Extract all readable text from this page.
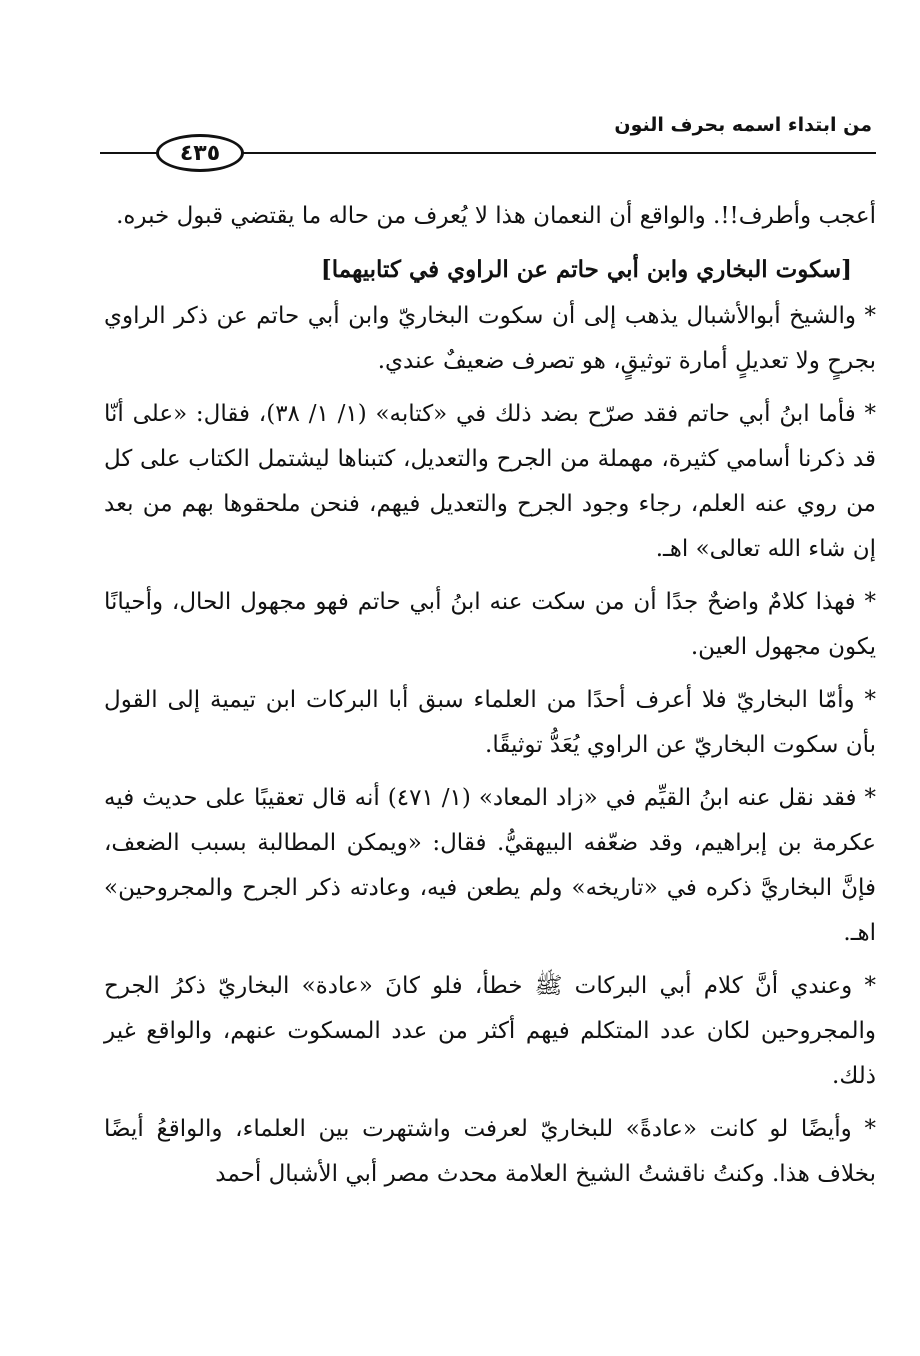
من ابتداء اسمه بحرف النون
٤٣٥

أعجب وأطرف!!. والواقع أن النعمان هذا لا يُعرف من حاله ما يقتضي قبول خبره.

[سكوت البخاري وابن أبي حاتم عن الراوي في كتابيهما]

* والشيخ أبوالأشبال يذهب إلى أن سكوت البخاريّ وابن أبي حاتم عن ذكر الراوي بجرحٍ ولا تعديلٍ أمارة توثيقٍ، هو تصرف ضعيفٌ عندي.

* فأما ابنُ أبي حاتم فقد صرّح بضد ذلك في «كتابه» (١/ ١/ ٣٨)، فقال: «على أنّا قد ذكرنا أسامي كثيرة، مهملة من الجرح والتعديل، كتبناها ليشتمل الكتاب على كل من روي عنه العلم، رجاء وجود الجرح والتعديل فيهم، فنحن ملحقوها بهم من بعد إن شاء الله تعالى» اهـ.

* فهذا كلامٌ واضحٌ جدًا أن من سكت عنه ابنُ أبي حاتم فهو مجهول الحال، وأحيانًا يكون مجهول العين.

* وأمّا البخاريّ فلا أعرف أحدًا من العلماء سبق أبا البركات ابن تيمية إلى القول بأن سكوت البخاريّ عن الراوي يُعَدُّ توثيقًا.

* فقد نقل عنه ابنُ القيِّم في «زاد المعاد» (١/ ٤٧١) أنه قال تعقيبًا على حديث فيه عكرمة بن إبراهيم، وقد ضعّفه البيهقيُّ. فقال: «ويمكن المطالبة بسبب الضعف، فإنَّ البخاريَّ ذكره في «تاريخه» ولم يطعن فيه، وعادته ذكر الجرح والمجروحين» اهـ.

* وعندي أنَّ كلام أبي البركات ﷺ خطأ، فلو كانَ «عادة» البخاريّ ذكرُ الجرح والمجروحين لكان عدد المتكلم فيهم أكثر من عدد المسكوت عنهم، والواقع غير ذلك.

* وأيضًا لو كانت «عادةً» للبخاريّ لعرفت واشتهرت بين العلماء، والواقعُ أيضًا بخلاف هذا. وكنتُ ناقشتُ الشيخ العلامة محدث مصر أبي الأشبال أحمد
